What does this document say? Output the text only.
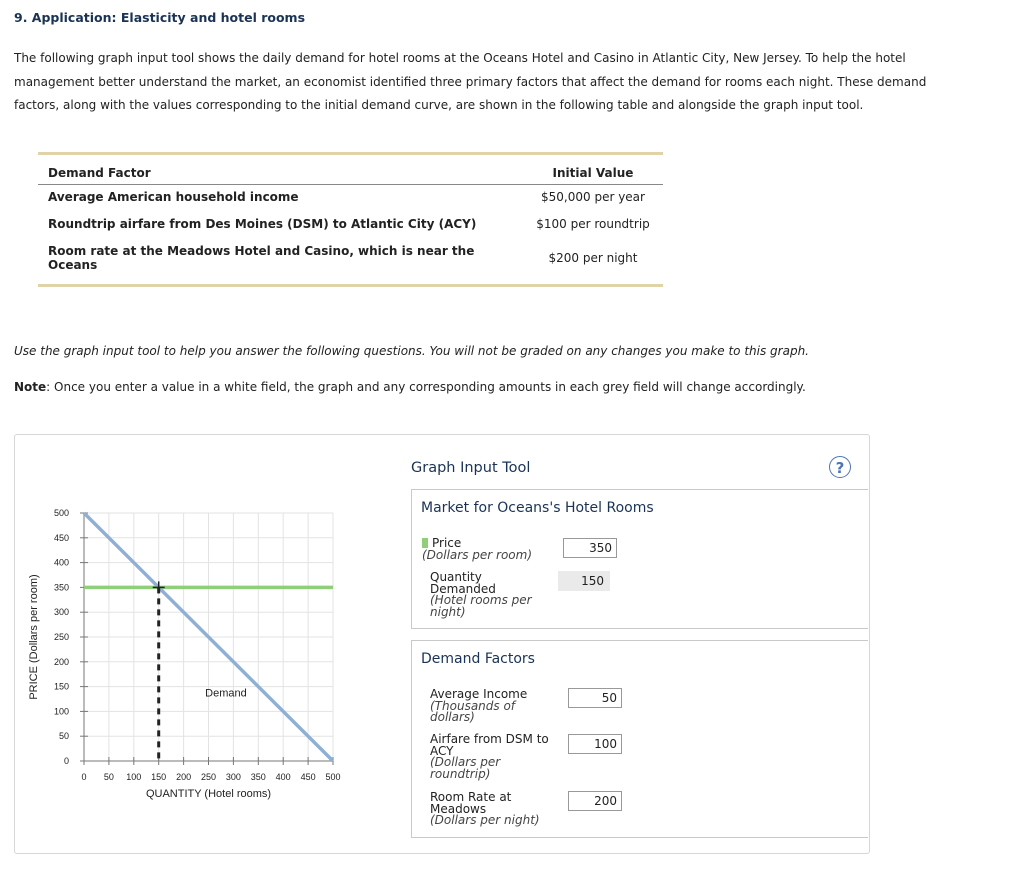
9. Application: Elasticity and hotel rooms
The following graph input tool shows the daily demand for hotel rooms at the Oceans Hotel and Casino in Atlantic City, New Jersey. To help the hotel management better understand the market, an economist identified three primary factors that affect the demand for rooms each night. These demand factors, along with the values corresponding to the initial demand curve, are shown in the following table and alongside the graph input tool.
Demand Factor	Initial Value
Average American household income	$50,000 per year
Roundtrip airfare from Des Moines (DSM) to Atlantic City (ACY)	$100 per roundtrip
Room rate at the Meadows Hotel and Casino, which is near the Oceans	$200 per night
Use the graph input tool to help you answer the following questions. You will not be graded on any changes you make to this graph.
Note: Once you enter a value in a white field, the graph and any corresponding amounts in each grey field will change accordingly.
0 50 100 150 200 250 300 350 400 450 500
0
50
100
150
200
250
300
350
400
450
500
QUANTITY (Hotel rooms)
PRICE (Dollars per room)	Demand
Graph Input Tool	?
Market for Oceans's Hotel Rooms
Price
(Dollars per room)	350
Quantity
Demanded
(Hotel rooms per
night)
150
Demand Factors
Average Income
(Thousands of
dollars)
50
Airfare from DSM to
ACY
(Dollars per
roundtrip)
100
Room Rate at
Meadows
(Dollars per night)
200
